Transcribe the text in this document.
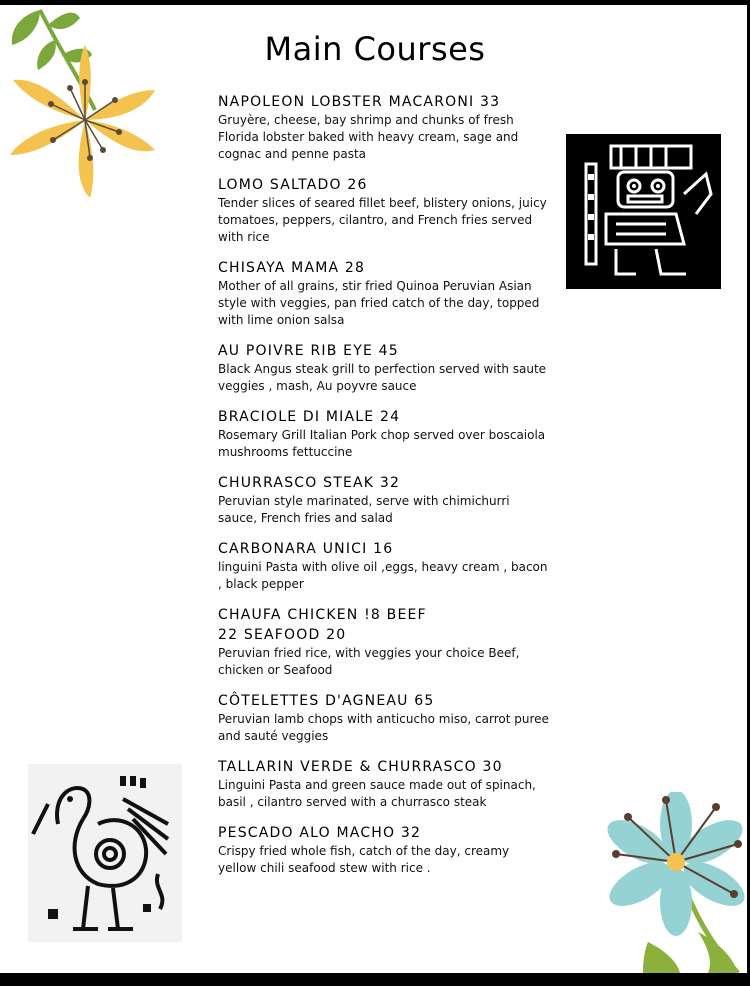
Main Courses
NAPOLEON LOBSTER MACARONI 33
Gruyère, cheese, bay shrimp and chunks of fresh Florida lobster baked with heavy cream, sage and cognac and penne pasta
LOMO SALTADO 26
Tender slices of seared fillet beef, blistery onions, juicy tomatoes, peppers, cilantro, and French fries served with rice
CHISAYA MAMA 28
Mother of all grains, stir fried Quinoa Peruvian Asian style with veggies, pan fried catch of the day, topped with lime onion salsa
AU POIVRE RIB EYE 45
Black Angus steak grill to perfection served with saute veggies , mash, Au poyvre sauce
BRACIOLE DI MIALE 24
Rosemary Grill Italian Pork chop served over boscaiola mushrooms fettuccine
CHURRASCO STEAK 32
Peruvian style marinated, serve with chimichurri sauce, French fries and salad
CARBONARA UNICI 16
linguini Pasta with olive oil ,eggs, heavy cream , bacon , black pepper
CHAUFA CHICKEN !8 BEEF 22 SEAFOOD 20
Peruvian fried rice, with veggies your choice Beef, chicken or Seafood
CÔTELETTES D'AGNEAU 65
Peruvian lamb chops with anticucho miso, carrot puree and sauté veggies
TALLARIN VERDE & CHURRASCO 30
Linguini Pasta and green sauce made out of spinach, basil , cilantro served with a churrasco steak
PESCADO ALO MACHO 32
Crispy fried whole fish, catch of the day, creamy yellow chili seafood stew with rice .
